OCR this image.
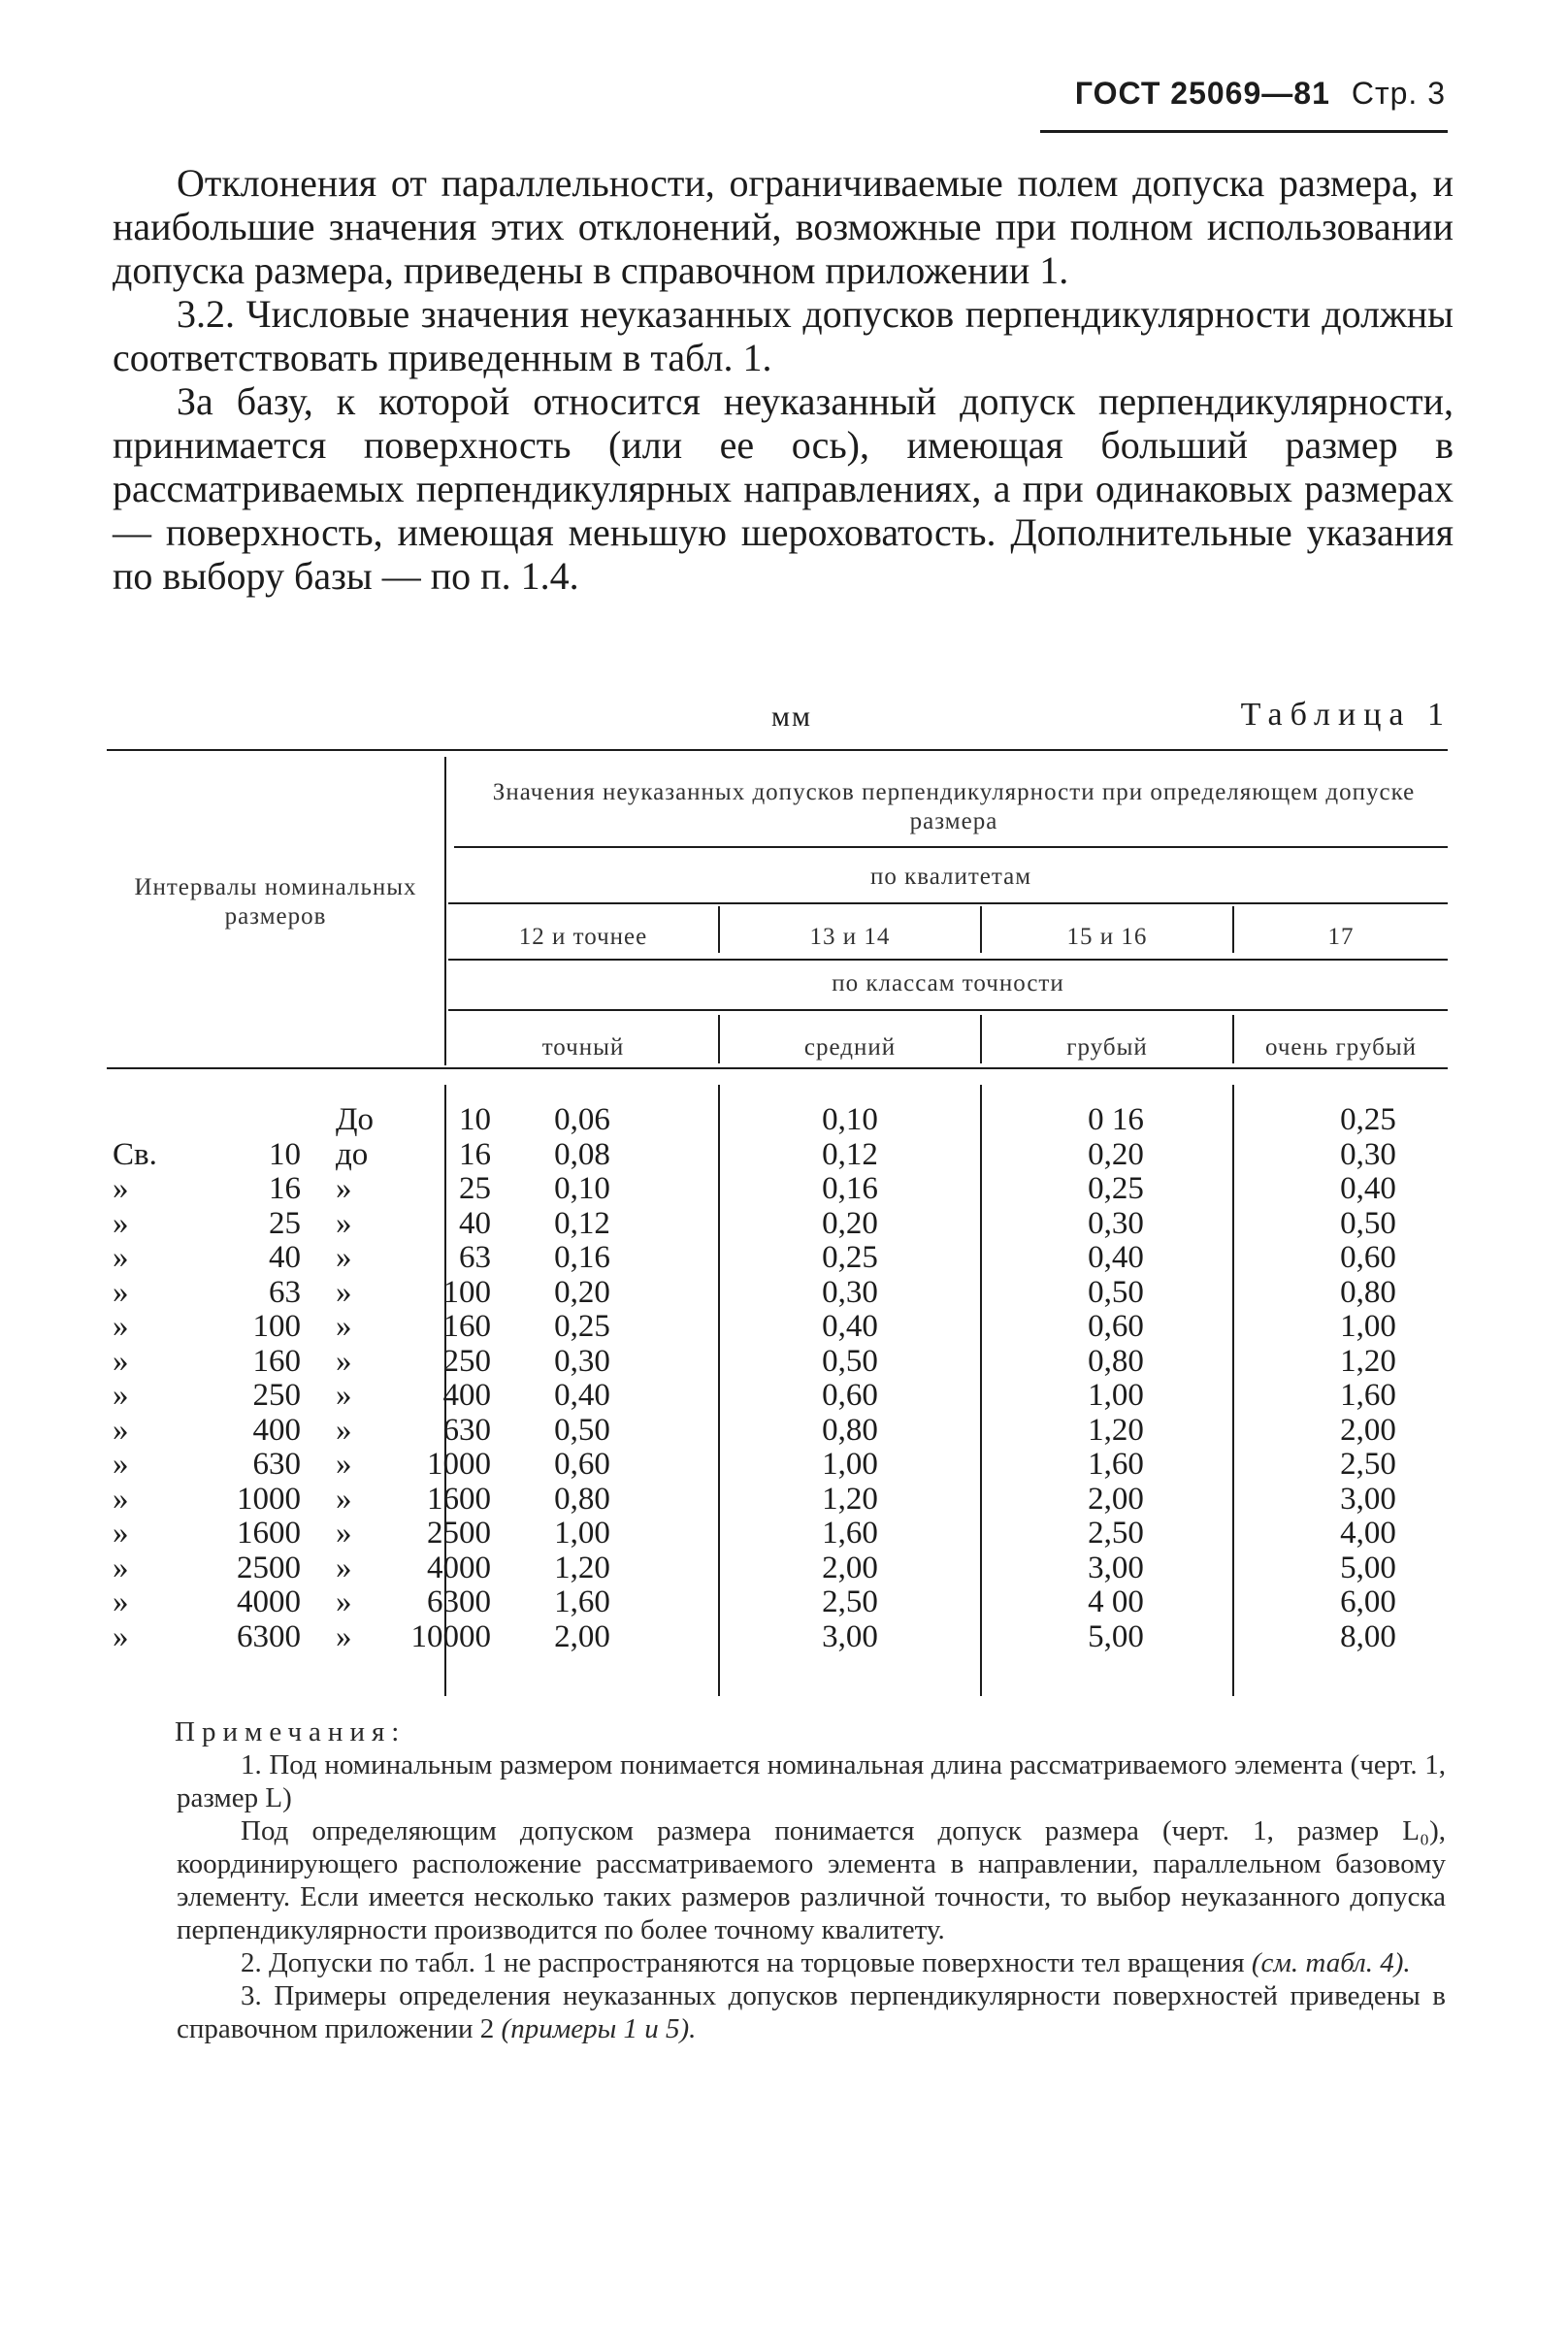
ГОСТ 25069—81 Стр. 3

Отклонения от параллельности, ограничиваемые полем допуска размера, и наибольшие значения этих отклонений, возможные при полном использовании допуска размера, приведены в справочном приложении 1.

3.2. Числовые значения неуказанных допусков перпендикулярности должны соответствовать приведенным в табл. 1.

За базу, к которой относится неуказанный допуск перпендикулярности, принимается поверхность (или ее ось), имеющая больший размер в рассматриваемых перпендикулярных направлениях, а при одинаковых размерах — поверхность, имеющая меньшую шероховатость. Дополнительные указания по выбору базы — по п. 1.4.

мм	Таблица 1
Интервалы номинальных размеров
Значения неуказанных допусков перпендикулярности при определяющем допуске размера
по квалитетам
12 и точнее	13 и 14	15 и 16	17
по классам точности
точный	средний	грубый	очень грубый
До	10	0,06	0,10	0 16	0,25
Св.	10 до	16	0,08	0,12	0,20	0,30
»	16 »	25	0,10	0,16	0,25	0,40
»	25 »	40	0,12	0,20	0,30	0,50
»	40 »	63	0,16	0,25	0,40	0,60
»	63 »	100	0,20	0,30	0,50	0,80
»	100 »	160	0,25	0,40	0,60	1,00
»	160 »	250	0,30	0,50	0,80	1,20
»	250 »	400	0,40	0,60	1,00	1,60
»	400 »	630	0,50	0,80	1,20	2,00
»	630 » 1000	0,60	1,00	1,60	2,50
»	1000 » 1600	0,80	1,20	2,00	3,00
»	1600 » 2500	1,00	1,60	2,50	4,00
»	2500 » 4000	1,20	2,00	3,00	5,00
»	4000 » 6300	1,60	2,50	4 00	6,00
»	6300 » 10000	2,00	3,00	5,00	8,00

Примечания:

1. Под номинальным размером понимается номинальная длина рассматриваемого элемента (черт. 1, размер L)

Под определяющим допуском размера понимается допуск размера (черт. 1, размер L₀), координирующего расположение рассматриваемого элемента в направлении, параллельном базовому элементу. Если имеется несколько таких размеров различной точности, то выбор неуказанного допуска перпендикулярности производится по более точному квалитету.

2. Допуски по табл. 1 не распространяются на торцовые поверхности тел вращения (см. табл. 4).

3. Примеры определения неуказанных допусков перпендикулярности поверхностей приведены в справочном приложении 2 (примеры 1 и 5).
